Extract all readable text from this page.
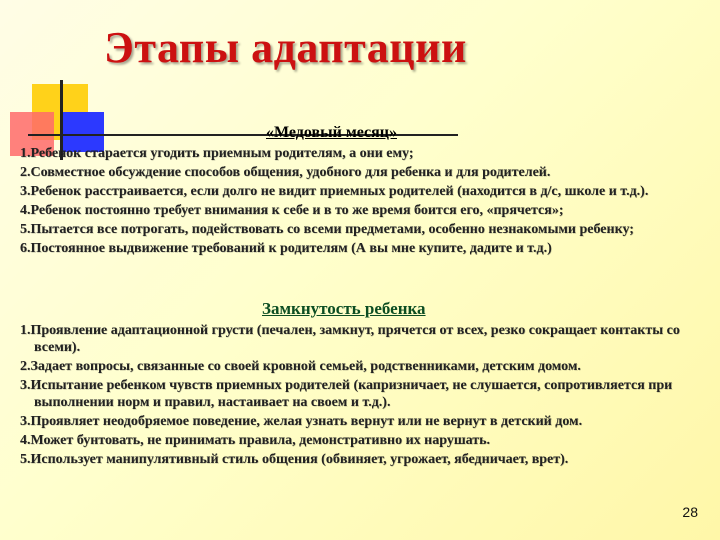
Этапы адаптации
«Медовый месяц»
1.Ребенок старается угодить приемным родителям, а они ему;
2.Совместное обсуждение способов общения, удобного для ребенка и для родителей.
3.Ребенок расстраивается, если долго не видит приемных родителей (находится в д/с, школе и т.д.).
4.Ребенок постоянно требует внимания к себе и в то же время боится его, «прячется»;
5.Пытается все потрогать, подействовать со всеми предметами, особенно незнакомыми ребенку;
6.Постоянное выдвижение требований к родителям (А вы мне купите, дадите и т.д.)
Замкнутость ребенка
1.Проявление адаптационной грусти (печален, замкнут, прячется от всех, резко сокращает контакты со всеми).
2.Задает вопросы, связанные со своей кровной семьей, родственниками, детским домом.
3.Испытание ребенком чувств приемных родителей (капризничает, не слушается, сопротивляется при выполнении норм и правил, настаивает на своем и т.д.).
3.Проявляет неодобряемое поведение, желая узнать вернут или не вернут в детский дом.
4.Может бунтовать, не принимать правила, демонстративно их нарушать.
5.Использует манипулятивный стиль общения (обвиняет, угрожает, ябедничает, врет).
28
